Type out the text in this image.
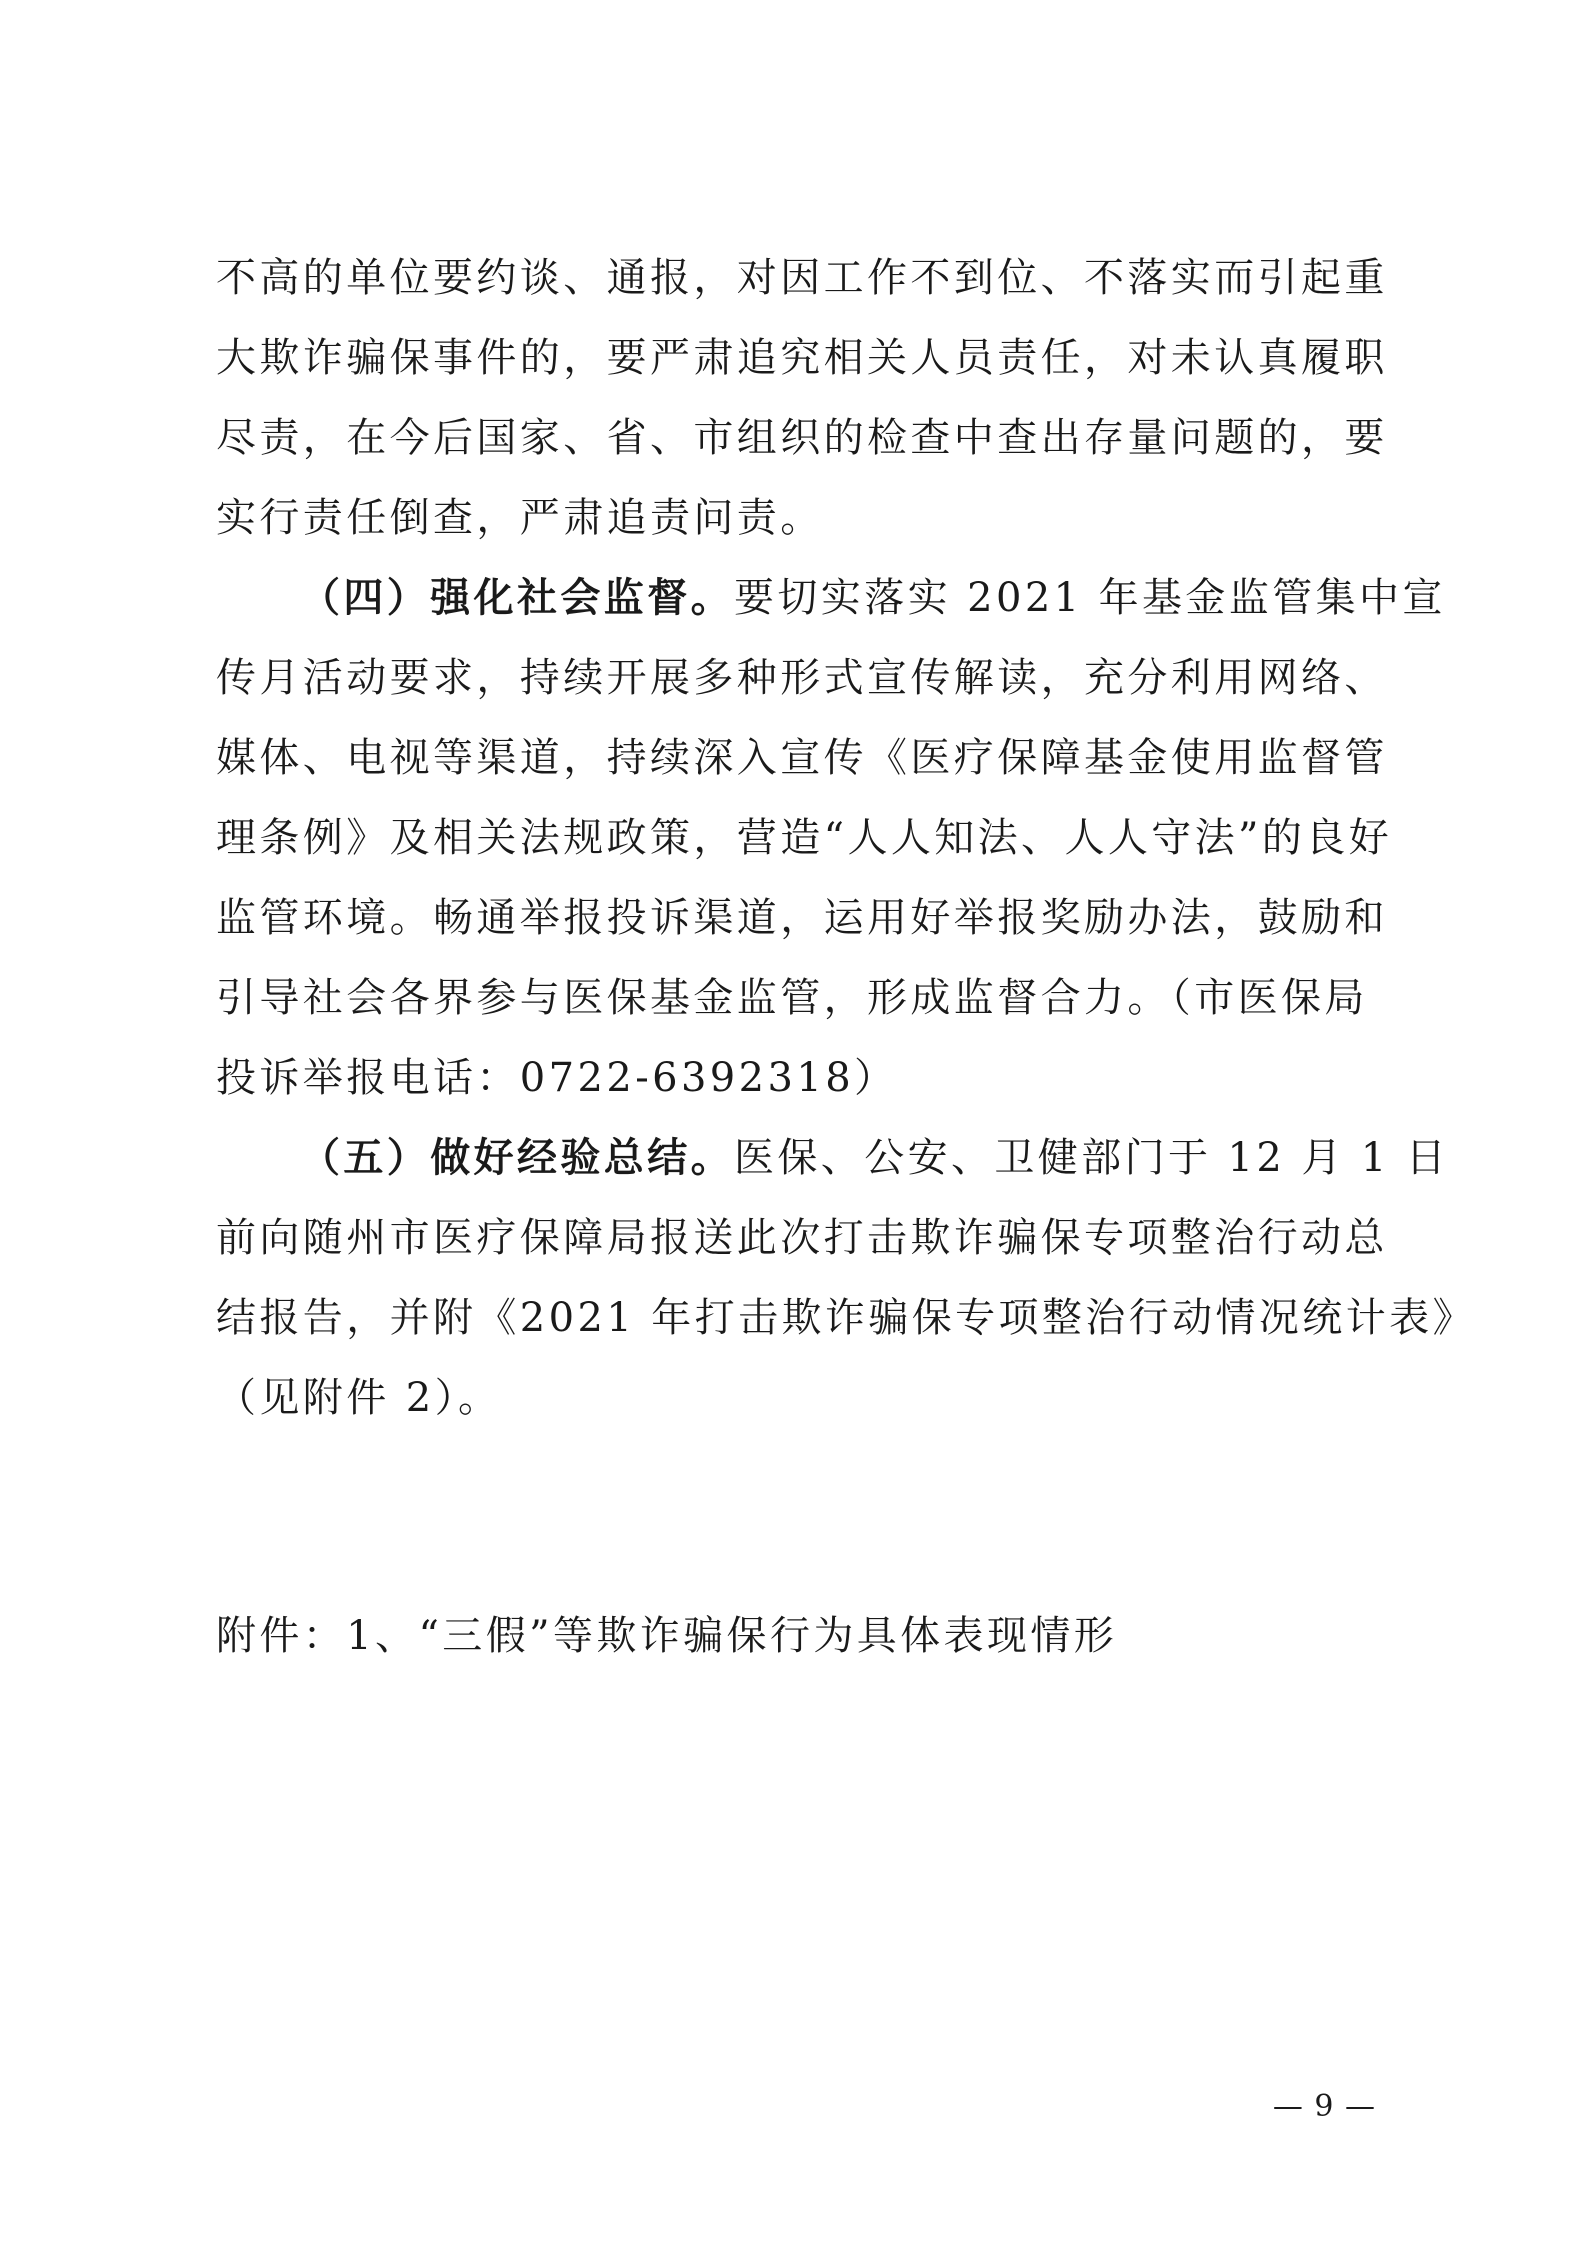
不高的单位要约谈、通报，对因工作不到位、不落实而引起重
大欺诈骗保事件的，要严肃追究相关人员责任，对未认真履职
尽责，在今后国家、省、市组织的检查中查出存量问题的，要
实行责任倒查，严肃追责问责。
（四）强化社会监督。要切实落实 2021 年基金监管集中宣
传月活动要求，持续开展多种形式宣传解读，充分利用网络、
媒体、电视等渠道，持续深入宣传《医疗保障基金使用监督管
理条例》及相关法规政策，营造“人人知法、人人守法”的良好
监管环境。畅通举报投诉渠道，运用好举报奖励办法，鼓励和
引导社会各界参与医保基金监管，形成监督合力。（市医保局
投诉举报电话：0722-6392318）
（五）做好经验总结。医保、公安、卫健部门于 12 月 1 日
前向随州市医疗保障局报送此次打击欺诈骗保专项整治行动总
结报告，并附《2021 年打击欺诈骗保专项整治行动情况统计表》
（见附件 2）。
附件：1、“三假”等欺诈骗保行为具体表现情形
— 9 —
